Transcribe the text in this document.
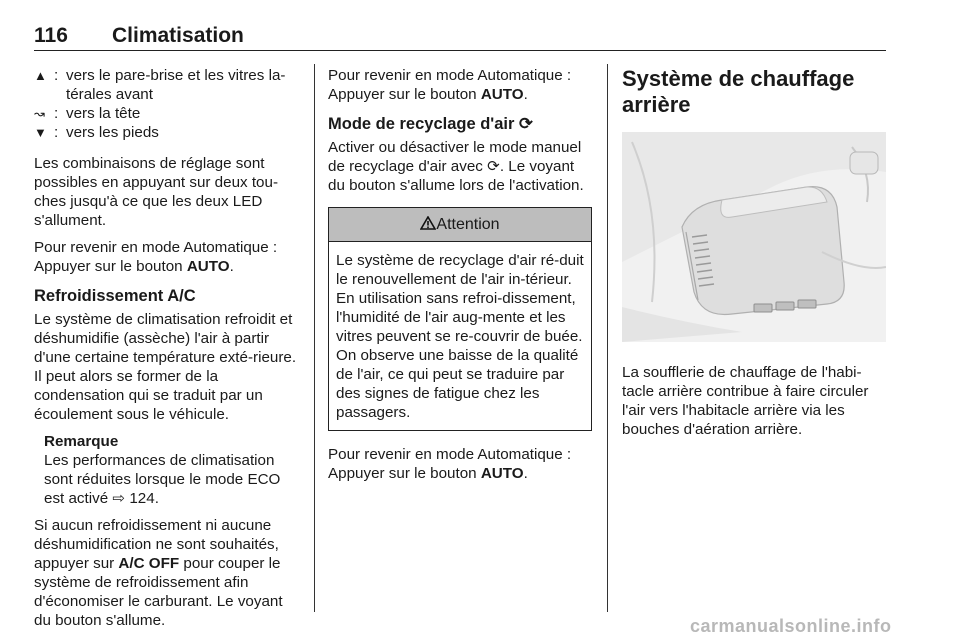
116 Climatisation
▲ : vers le pare-brise et les vitres la-térales avant
↝ : vers la tête
▼ : vers les pieds

Les combinaisons de réglage sont possibles en appuyant sur deux tou-ches jusqu'à ce que les deux LED s'allument.

Pour revenir en mode Automatique : Appuyer sur le bouton AUTO.

Refroidissement A/C

Le système de climatisation refroidit et déshumidifie (assèche) l'air à partir d'une certaine température exté-rieure. Il peut alors se former de la condensation qui se traduit par un écoulement sous le véhicule.

Remarque
Les performances de climatisation sont réduites lorsque le mode ECO est activé ⇨ 124.

Si aucun refroidissement ni aucune déshumidification ne sont souhaités, appuyer sur A/C OFF pour couper le système de refroidissement afin d'économiser le carburant. Le voyant du bouton s'allume.

Pour revenir en mode Automatique : Appuyer sur le bouton AUTO.

Mode de recyclage d'air ⟳

Activer ou désactiver le mode manuel de recyclage d'air avec ⟳. Le voyant du bouton s'allume lors de l'activation.

Attention
Le système de recyclage d'air ré-duit le renouvellement de l'air in-térieur. En utilisation sans refroi-dissement, l'humidité de l'air aug-mente et les vitres peuvent se re-couvrir de buée. On observe une baisse de la qualité de l'air, ce qui peut se traduire par des signes de fatigue chez les passagers.

Pour revenir en mode Automatique : Appuyer sur le bouton AUTO.

Système de chauffage arrière

La soufflerie de chauffage de l'habi-tacle arrière contribue à faire circuler l'air vers l'habitacle arrière via les bouches d'aération arrière.

carmanualsonline.info
